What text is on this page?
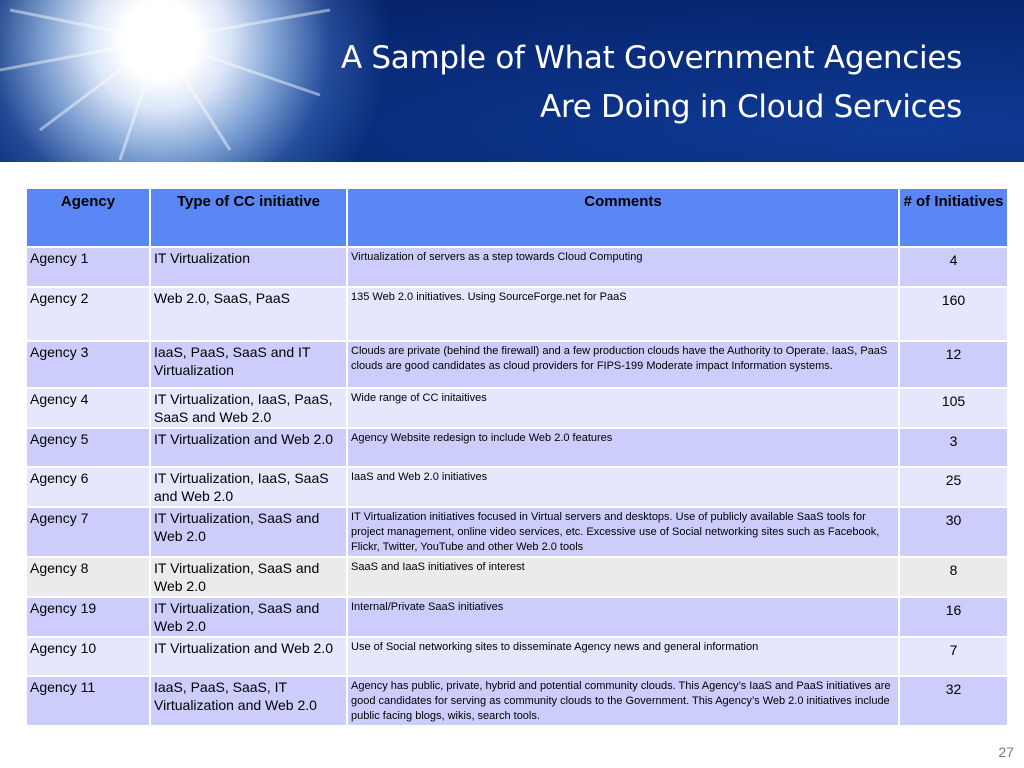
A Sample of What Government Agencies
Are Doing in Cloud Services
Agency	Type of CC initiative	Comments	# of Initiatives
Agency 1	IT Virtualization	Virtualization of servers as a step towards Cloud Computing	4
Agency 2	Web 2.0, SaaS, PaaS	135 Web 2.0 initiatives. Using SourceForge.net for PaaS	160
Agency 3	IaaS, PaaS, SaaS and IT Virtualization	Clouds are private (behind the firewall) and a few production clouds have the Authority to Operate. IaaS, PaaS clouds are good candidates as cloud providers for FIPS-199 Moderate impact Information systems.	12
Agency 4	IT Virtualization, IaaS, PaaS, SaaS and Web 2.0	Wide range of CC initaitives	105
Agency 5	IT Virtualization and Web 2.0	Agency Website redesign to include Web 2.0 features	3
Agency 6	IT Virtualization, IaaS, SaaS and Web 2.0	IaaS and Web 2.0 initiatives	25
Agency 7	IT Virtualization, SaaS and Web 2.0	IT Virtualization initiatives focused in Virtual servers and desktops. Use of publicly available SaaS tools for project management, online video services, etc. Excessive use of Social networking sites such as Facebook, Flickr, Twitter, YouTube and other Web 2.0 tools	30
Agency 8	IT Virtualization, SaaS and Web 2.0	SaaS and IaaS initiatives of interest	8
Agency 19	IT Virtualization, SaaS and Web 2.0	Internal/Private SaaS initiatives	16
Agency 10	IT Virtualization and Web 2.0	Use of Social networking sites to disseminate Agency news and general information	7
Agency 11	IaaS, PaaS, SaaS, IT Virtualization and Web 2.0	Agency has public, private, hybrid and potential community clouds. This Agency’s IaaS and PaaS initiatives are good candidates for serving as community clouds to the Government. This Agency’s Web 2.0 initiatives include public facing blogs, wikis, search tools.	32
27
